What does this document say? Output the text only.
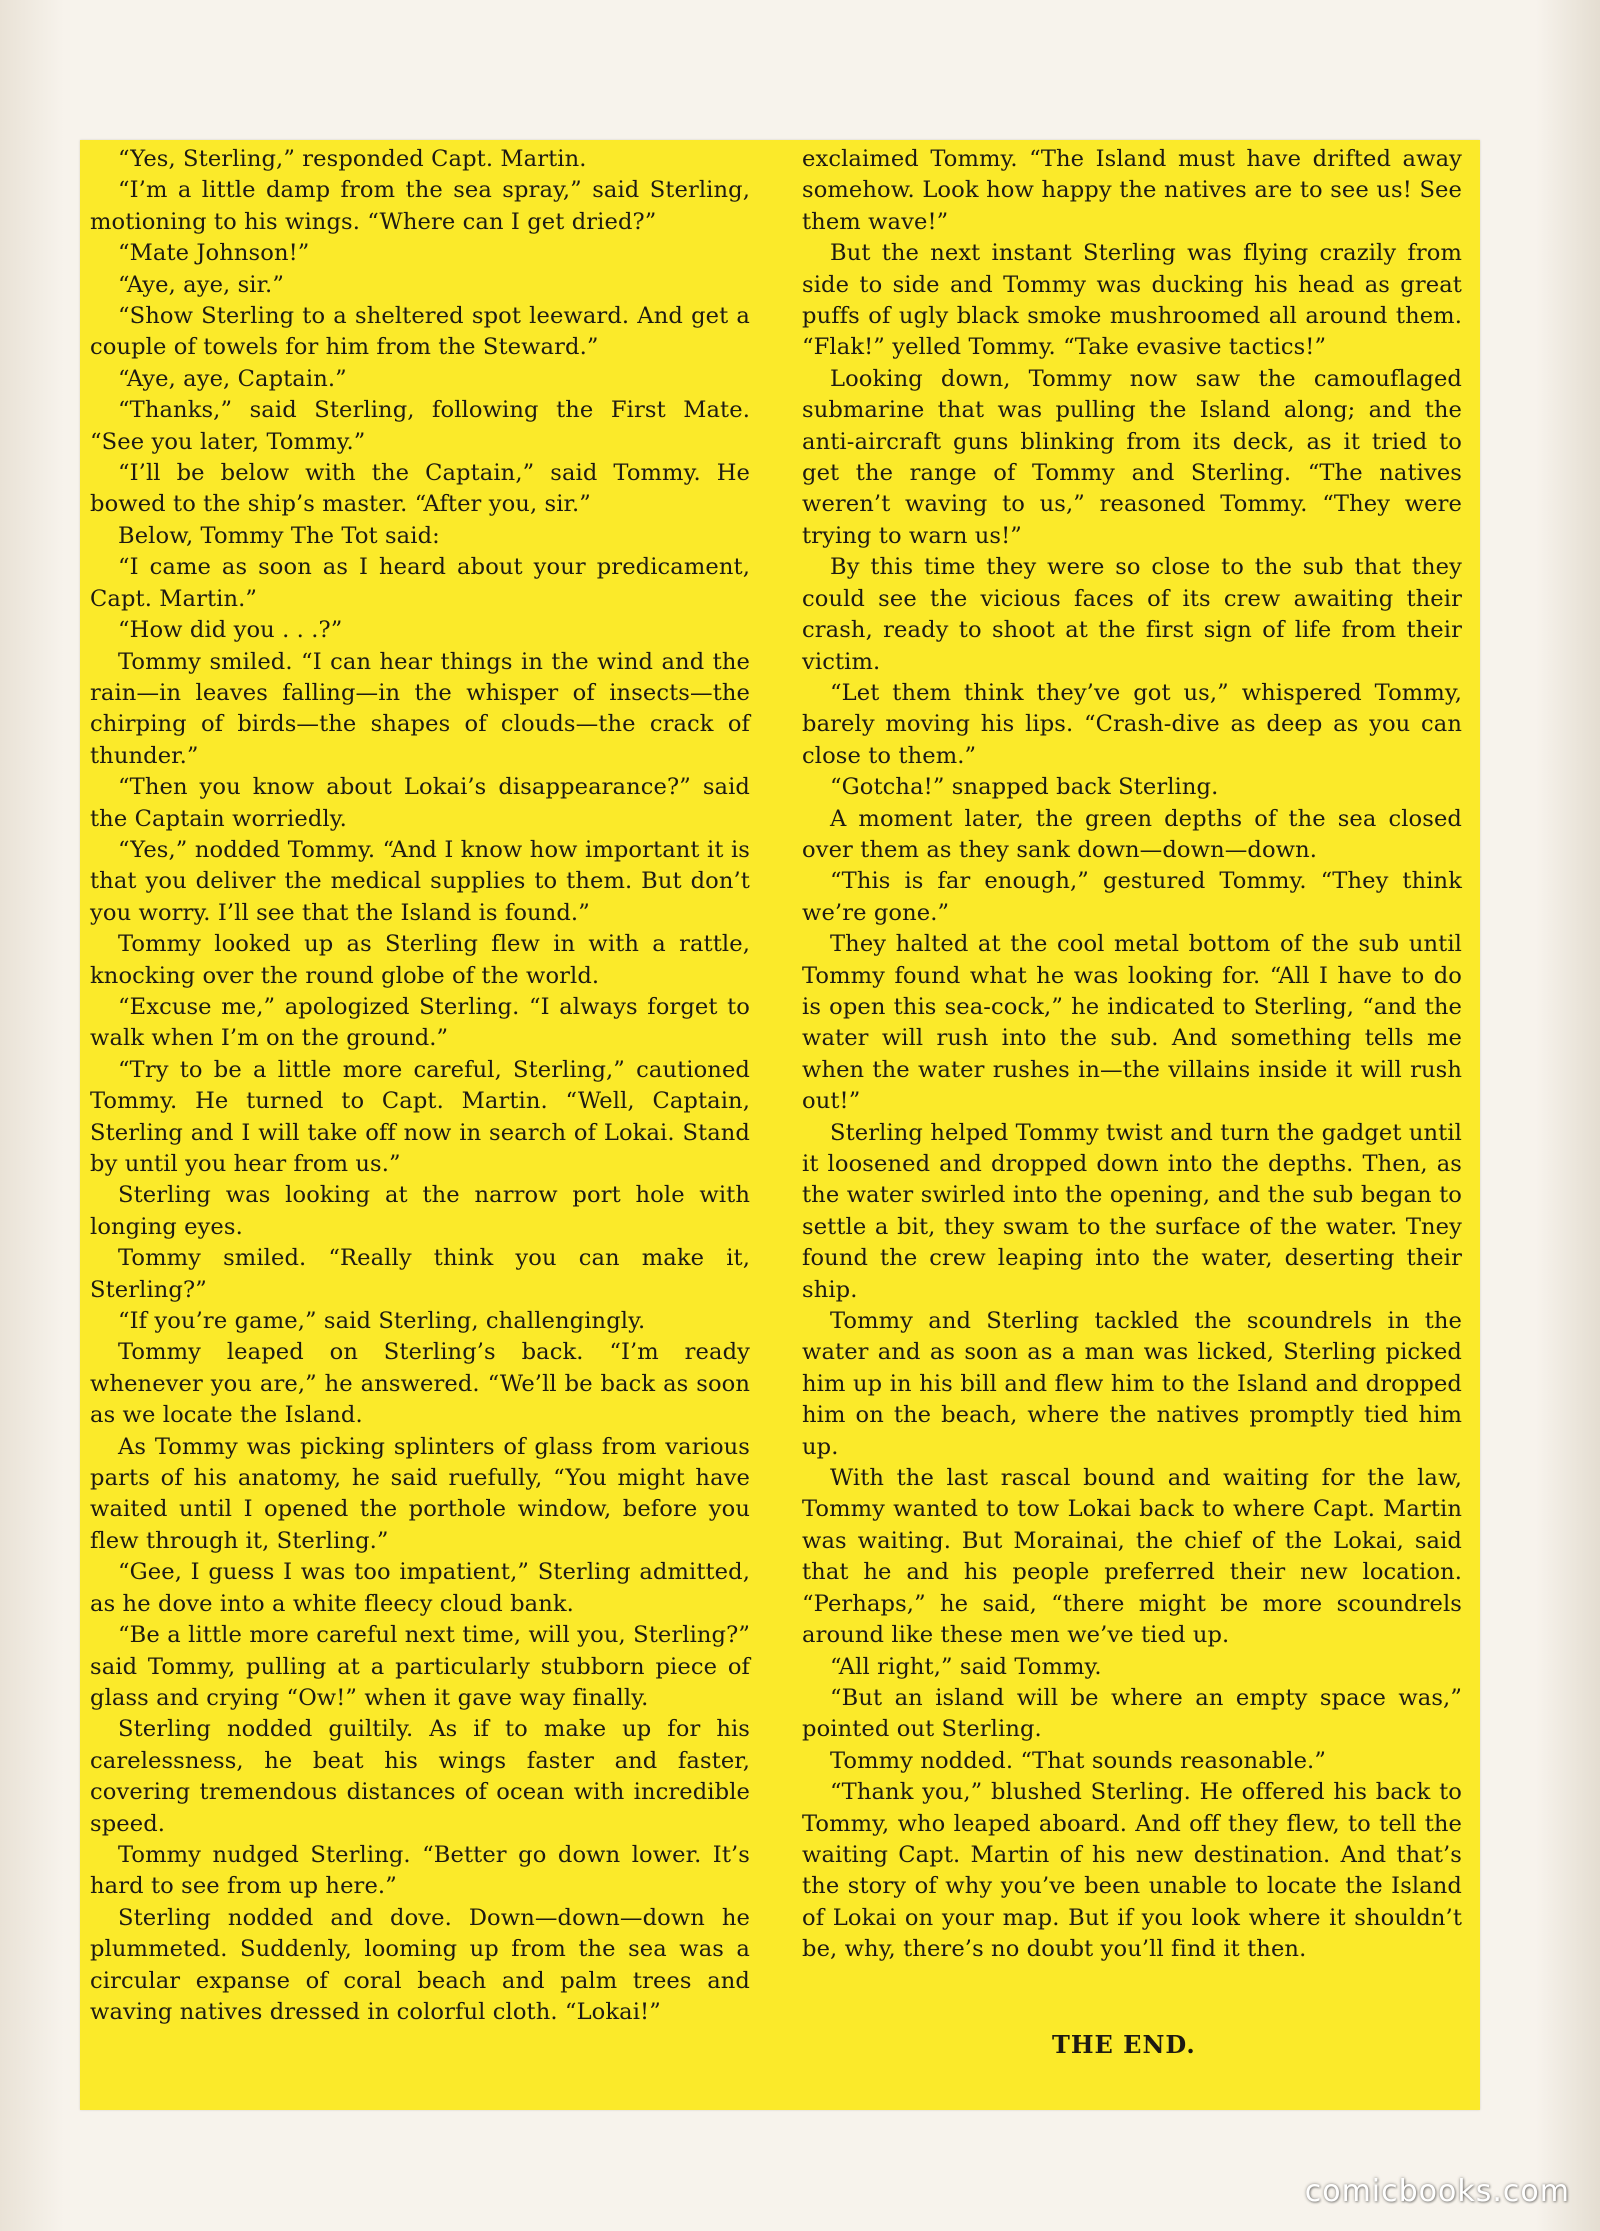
“Yes, Sterling,” responded Capt. Martin.

“I’m a little damp from the sea spray,” said Sterling, motioning to his wings. “Where can I get dried?”

“Mate Johnson!”

“Aye, aye, sir.”

“Show Sterling to a sheltered spot leeward. And get a couple of towels for him from the Steward.”

“Aye, aye, Captain.”

“Thanks,” said Sterling, following the First Mate. “See you later, Tommy.”

“I’ll be below with the Captain,” said Tommy. He bowed to the ship’s master. “After you, sir.”

Below, Tommy The Tot said:

“I came as soon as I heard about your predicament, Capt. Martin.”

“How did you . . .?”

Tommy smiled. “I can hear things in the wind and the rain—in leaves falling—in the whisper of insects—the chirping of birds—the shapes of clouds—the crack of thunder.”

“Then you know about Lokai’s disappearance?” said the Captain worriedly.

“Yes,” nodded Tommy. “And I know how important it is that you deliver the medical supplies to them. But don’t you worry. I’ll see that the Island is found.”

Tommy looked up as Sterling flew in with a rattle, knocking over the round globe of the world.

“Excuse me,” apologized Sterling. “I always forget to walk when I’m on the ground.”

“Try to be a little more careful, Sterling,” cautioned Tommy. He turned to Capt. Martin. “Well, Captain, Sterling and I will take off now in search of Lokai. Stand by until you hear from us.”

Sterling was looking at the narrow port hole with longing eyes.

Tommy smiled. “Really think you can make it, Sterling?”

“If you’re game,” said Sterling, challengingly.

Tommy leaped on Sterling’s back. “I’m ready whenever you are,” he answered. “We’ll be back as soon as we locate the Island.

As Tommy was picking splinters of glass from various parts of his anatomy, he said ruefully, “You might have waited until I opened the porthole window, before you flew through it, Sterling.”

“Gee, I guess I was too impatient,” Sterling admitted, as he dove into a white fleecy cloud bank.

“Be a little more careful next time, will you, Sterling?” said Tommy, pulling at a particularly stubborn piece of glass and crying “Ow!” when it gave way finally.

Sterling nodded guiltily. As if to make up for his carelessness, he beat his wings faster and faster, covering tremendous distances of ocean with incredible speed.

Tommy nudged Sterling. “Better go down lower. It’s hard to see from up here.”

Sterling nodded and dove. Down—down—down he plummeted. Suddenly, looming up from the sea was a circular expanse of coral beach and palm trees and waving natives dressed in colorful cloth. “Lokai!”

exclaimed Tommy. “The Island must have drifted away somehow. Look how happy the natives are to see us! See them wave!”

But the next instant Sterling was flying crazily from side to side and Tommy was ducking his head as great puffs of ugly black smoke mushroomed all around them. “Flak!” yelled Tommy. “Take evasive tactics!”

Looking down, Tommy now saw the camouflaged submarine that was pulling the Island along; and the anti-aircraft guns blinking from its deck, as it tried to get the range of Tommy and Sterling. “The natives weren’t waving to us,” reasoned Tommy. “They were trying to warn us!”

By this time they were so close to the sub that they could see the vicious faces of its crew awaiting their crash, ready to shoot at the first sign of life from their victim.

“Let them think they’ve got us,” whispered Tommy, barely moving his lips. “Crash-dive as deep as you can close to them.”

“Gotcha!” snapped back Sterling.

A moment later, the green depths of the sea closed over them as they sank down—down—down.

“This is far enough,” gestured Tommy. “They think we’re gone.”

They halted at the cool metal bottom of the sub until Tommy found what he was looking for. “All I have to do is open this sea-cock,” he indicated to Sterling, “and the water will rush into the sub. And something tells me when the water rushes in—the villains inside it will rush out!”

Sterling helped Tommy twist and turn the gadget until it loosened and dropped down into the depths. Then, as the water swirled into the opening, and the sub began to settle a bit, they swam to the surface of the water. Tney found the crew leaping into the water, deserting their ship.

Tommy and Sterling tackled the scoundrels in the water and as soon as a man was licked, Sterling picked him up in his bill and flew him to the Island and dropped him on the beach, where the natives promptly tied him up.

With the last rascal bound and waiting for the law, Tommy wanted to tow Lokai back to where Capt. Martin was waiting. But Morainai, the chief of the Lokai, said that he and his people preferred their new location. “Perhaps,” he said, “there might be more scoundrels around like these men we’ve tied up.

“All right,” said Tommy.

“But an island will be where an empty space was,” pointed out Sterling.

Tommy nodded. “That sounds reasonable.”

“Thank you,” blushed Sterling. He offered his back to Tommy, who leaped aboard. And off they flew, to tell the waiting Capt. Martin of his new destination. And that’s the story of why you’ve been unable to locate the Island of Lokai on your map. But if you look where it shouldn’t be, why, there’s no doubt you’ll find it then.

THE END.
comicbooks.com
